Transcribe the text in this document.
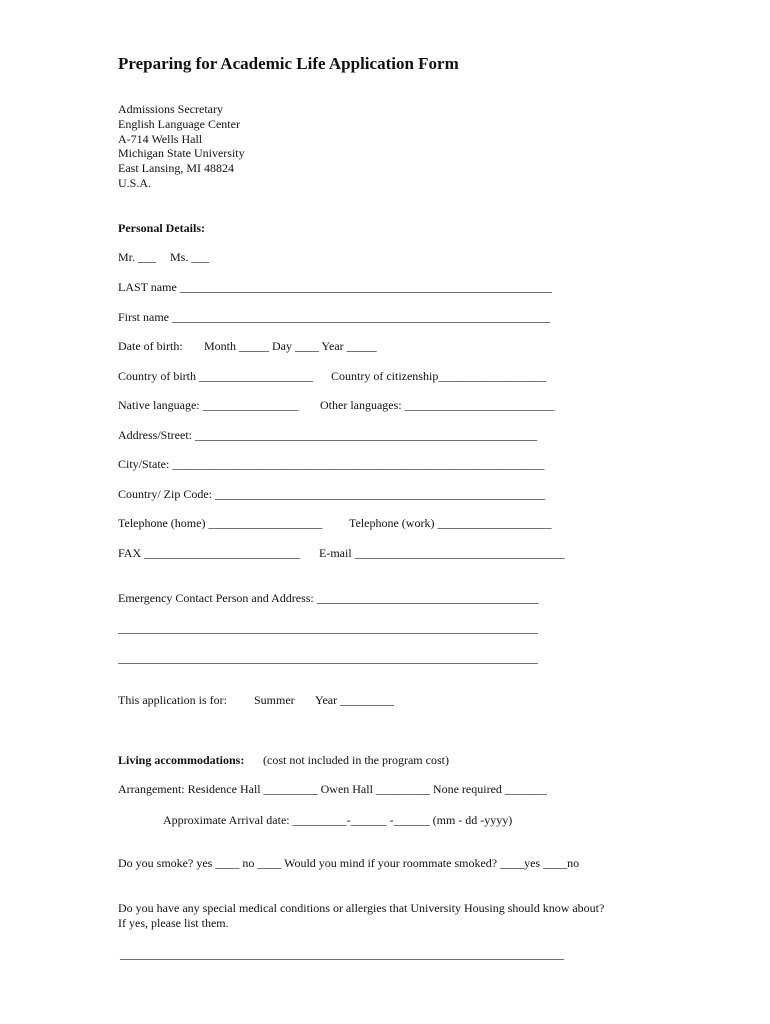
Preparing for Academic Life Application Form
Admissions Secretary
English Language Center
A-714 Wells Hall
Michigan State University
East Lansing, MI 48824
U.S.A.
Personal Details:
Mr. ___ Ms. ___
LAST name ______________________________________________________________
First name _______________________________________________________________
Date of birth: Month _____ Day ____ Year _____
Country of birth ___________________ Country of citizenship__________________
Native language: ________________ Other languages: _________________________
Address/Street: _________________________________________________________
City/State: ______________________________________________________________
Country/ Zip Code: _______________________________________________________
Telephone (home) ___________________ Telephone (work) ___________________
FAX __________________________ E-mail ___________________________________
Emergency Contact Person and Address: _____________________________________
______________________________________________________________________
______________________________________________________________________
This application is for: Summer Year _________
Living accommodations: (cost not included in the program cost)
Arrangement: Residence Hall _________ Owen Hall _________ None required _______
Approximate Arrival date: _________-______ -______ (mm - dd -yyyy)
Do you smoke? yes ____ no ____ Would you mind if your roommate smoked? ____yes ____no
Do you have any special medical conditions or allergies that University Housing should know about?
If yes, please list them.
__________________________________________________________________________
